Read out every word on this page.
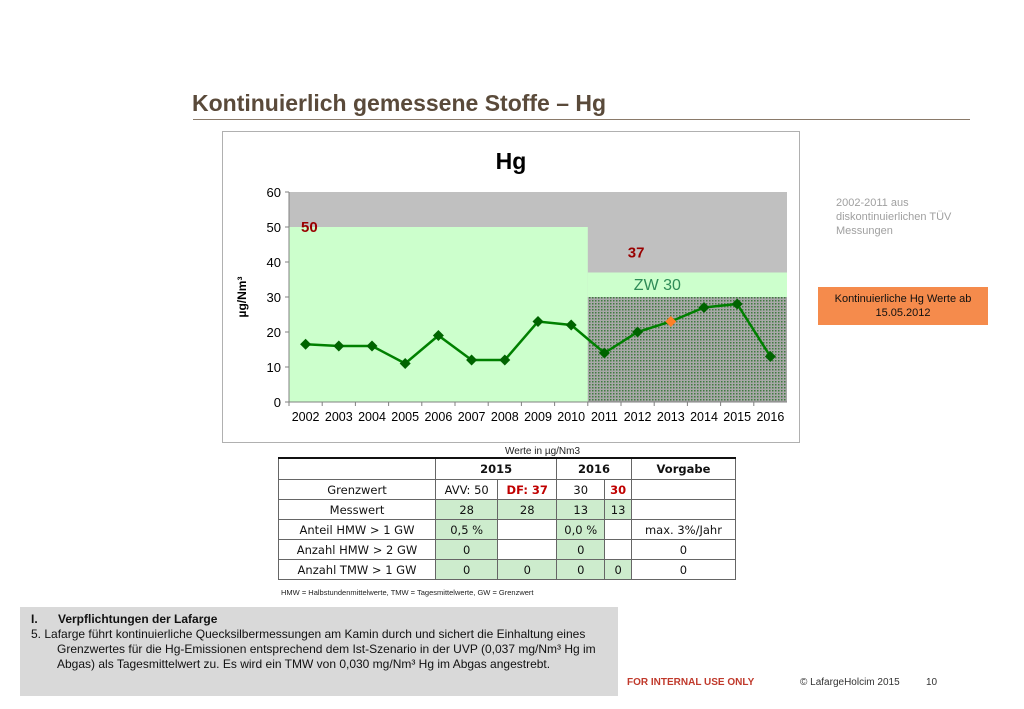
Kontinuierlich gemessene Stoffe – Hg
0
10
20
30
40
50
60
2002 2003 2004 2005 2006 2007 2008 2009 2010 2011 2012 2013 2014 2015 2016
50
37
ZW 30
Hg
µg/Nm³
2002-2011 aus diskontinuierlichen TÜV Messungen
Kontinuierliche Hg Werte ab 15.05.2012
Werte in µg/Nm3
	2015		2016		Vorgabe
Grenzwert	AVV: 50	DF: 37	30	30	
Messwert	28	28	13	13	
Anteil HMW > 1 GW	0,5 %		0,0 %		max. 3%/Jahr
Anzahl HMW > 2 GW	0		0		0
Anzahl TMW > 1 GW	0	0	0	0	0
HMW = Halbstundenmittelwerte, TMW = Tagesmittelwerte, GW = Grenzwert
I. Verpflichtungen der Lafarge
5. Lafarge führt kontinuierliche Quecksilbermessungen am Kamin durch und sichert die Einhaltung eines Grenzwertes für die Hg-Emissionen entsprechend dem Ist-Szenario in der UVP (0,037 mg/Nm³ Hg im Abgas) als Tagesmittelwert zu. Es wird ein TMW von 0,030 mg/Nm³ Hg im Abgas angestrebt.
FOR INTERNAL USE ONLY	© LafargeHolcim 2015	10
